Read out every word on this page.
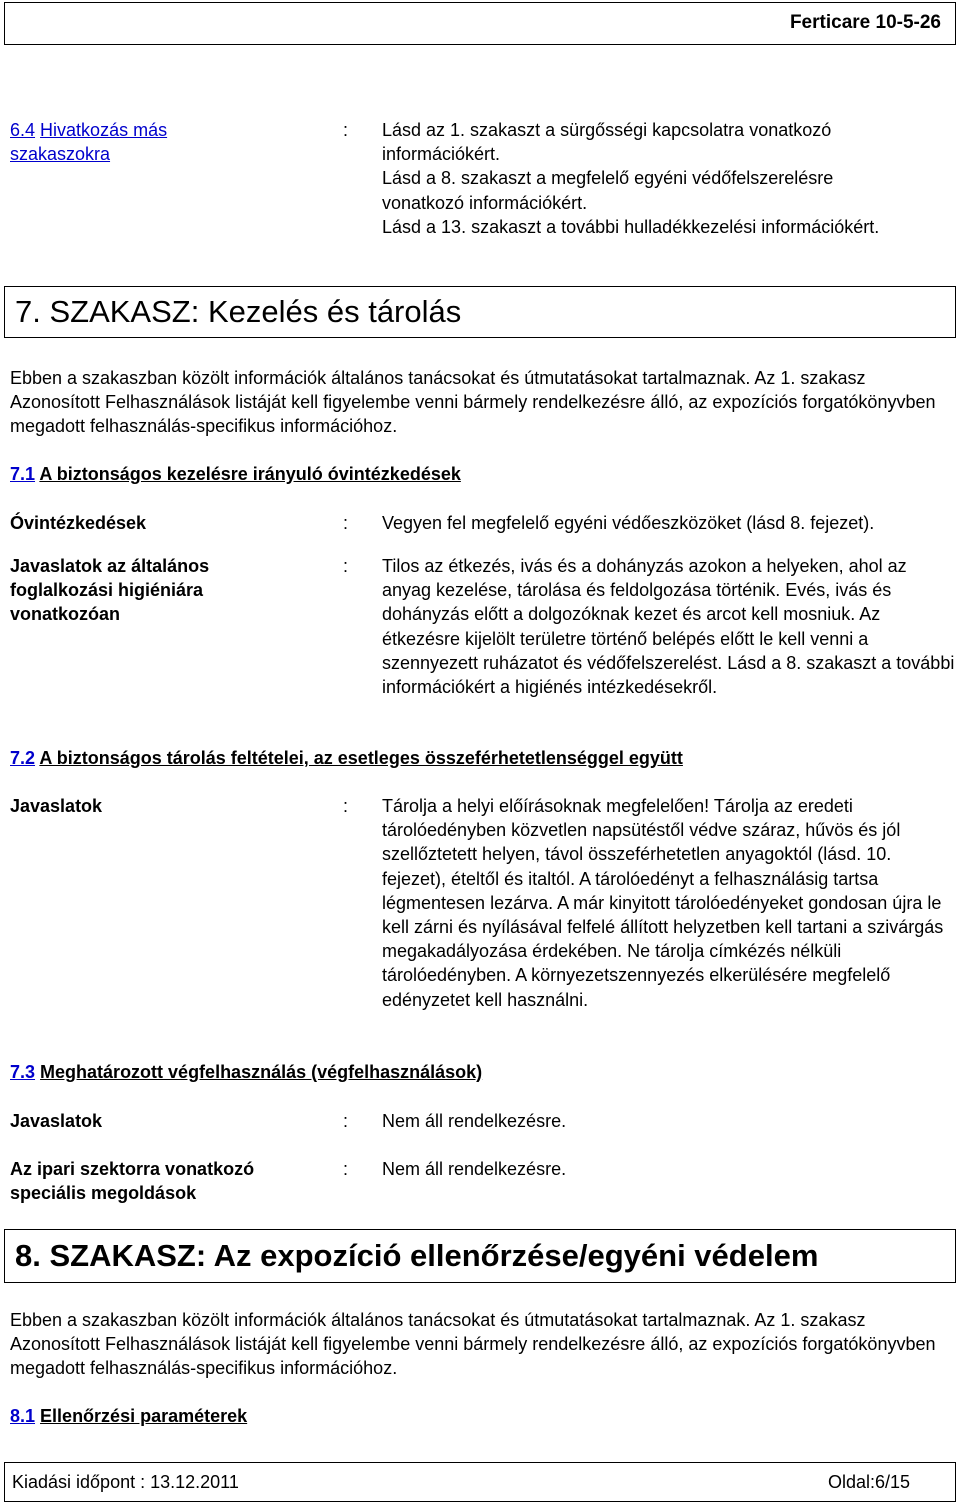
Ferticare 10-5-26
6.4 Hivatkozás más szakaszokra
: Lásd az 1. szakaszt a sürgősségi kapcsolatra vonatkozó információkért.
Lásd a 8. szakaszt a megfelelő egyéni védőfelszerelésre vonatkozó információkért.
Lásd a 13. szakaszt a további hulladékkezelési információkért.
7. SZAKASZ: Kezelés és tárolás
Ebben a szakaszban közölt információk általános tanácsokat és útmutatásokat tartalmaznak. Az 1. szakasz Azonosított Felhasználások listáját kell figyelembe venni bármely rendelkezésre álló, az expozíciós forgatókönyvben megadott felhasználás-specifikus információhoz.
7.1 A biztonságos kezelésre irányuló óvintézkedések
Óvintézkedések	: Vegyen fel megfelelő egyéni védőeszközöket (lásd 8. fejezet).
Javaslatok az általános foglalkozási higiéniára vonatkozóan
: Tilos az étkezés, ivás és a dohányzás azokon a helyeken, ahol az anyag kezelése, tárolása és feldolgozása történik. Evés, ivás és dohányzás előtt a dolgozóknak kezet és arcot kell mosniuk. Az étkezésre kijelölt területre történő belépés előtt le kell venni a szennyezett ruházatot és védőfelszerelést. Lásd a 8. szakaszt a további információkért a higiénés intézkedésekről.
7.2 A biztonságos tárolás feltételei, az esetleges összeférhetetlenséggel együtt
Javaslatok	: Tárolja a helyi előírásoknak megfelelően! Tárolja az eredeti tárolóedényben közvetlen napsütéstől védve száraz, hűvös és jól szellőztetett helyen, távol összeférhetetlen anyagoktól (lásd. 10. fejezet), ételtől és italtól. A tárolóedényt a felhasználásig tartsa légmentesen lezárva. A már kinyitott tárolóedényeket gondosan újra le kell zárni és nyílásával felfelé állított helyzetben kell tartani a szivárgás megakadályozása érdekében. Ne tárolja címkézés nélküli tárolóedényben. A környezetszennyezés elkerülésére megfelelő edényzetet kell használni.
7.3 Meghatározott végfelhasználás (végfelhasználások)
Javaslatok	: Nem áll rendelkezésre.
Az ipari szektorra vonatkozó speciális megoldások
: Nem áll rendelkezésre.
8. SZAKASZ: Az expozíció ellenőrzése/egyéni védelem
Ebben a szakaszban közölt információk általános tanácsokat és útmutatásokat tartalmaznak. Az 1. szakasz Azonosított Felhasználások listáját kell figyelembe venni bármely rendelkezésre álló, az expozíciós forgatókönyvben megadott felhasználás-specifikus információhoz.
8.1 Ellenőrzési paraméterek
Kiadási időpont : 13.12.2011	Oldal:6/15
